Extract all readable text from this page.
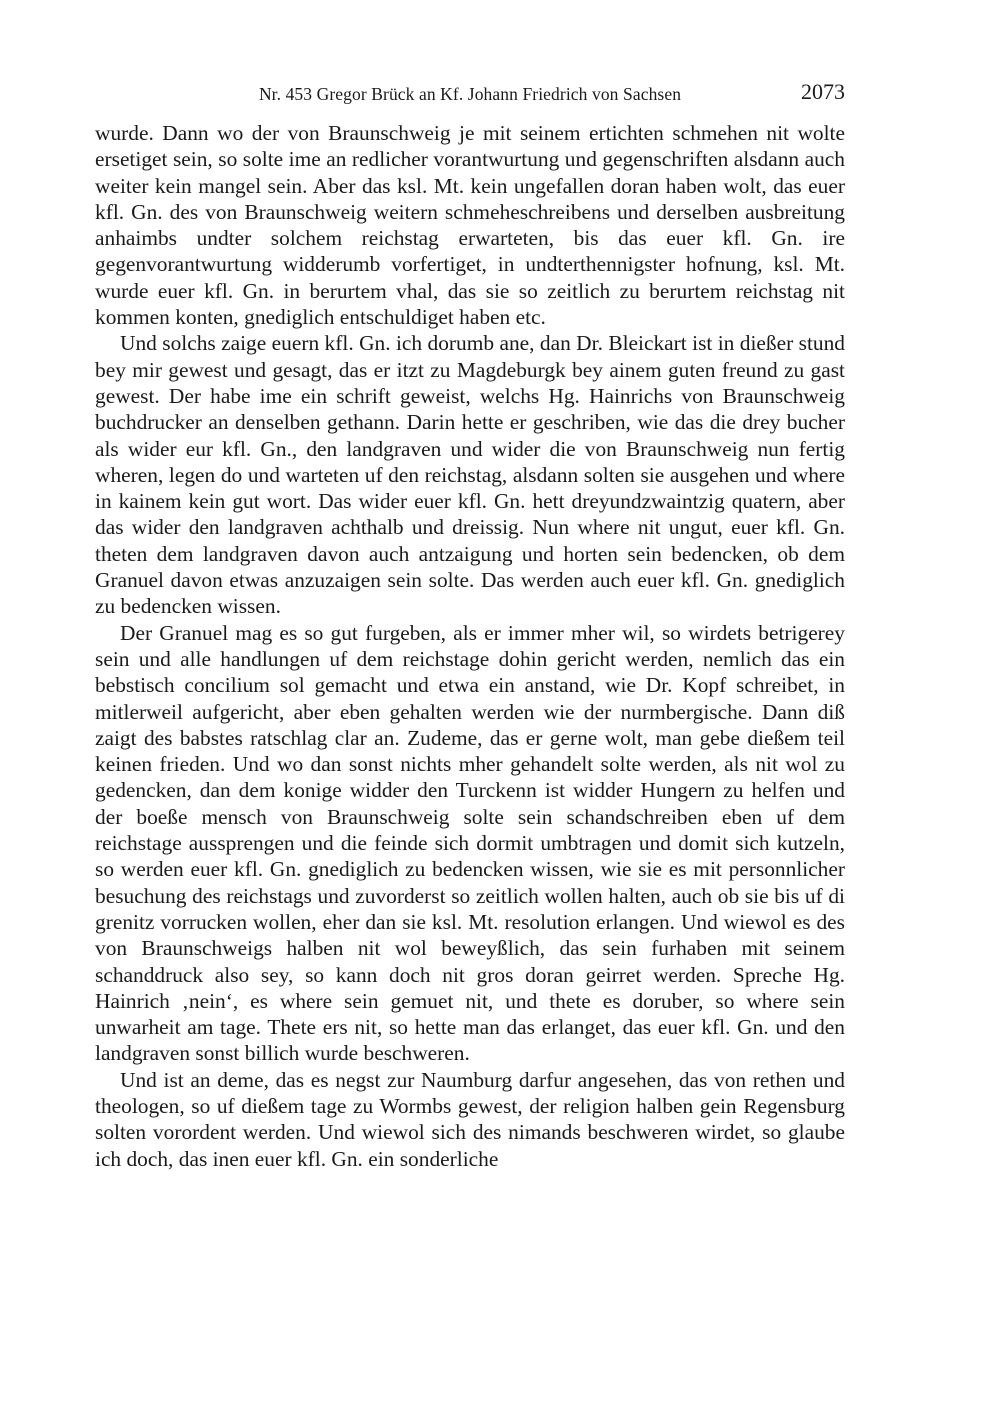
Nr. 453 Gregor Brück an Kf. Johann Friedrich von Sachsen	2073

wurde. Dann wo der von Braunschweig je mit seinem ertichten schmehen nit wolte ersetiget sein, so solte ime an redlicher vorantwurtung und gegenschriften alsdann auch weiter kein mangel sein. Aber das ksl. Mt. kein ungefallen doran haben wolt, das euer kfl. Gn. des von Braunschweig weitern schmeheschreibens und derselben ausbreitung anhaimbs undter solchem reichstag erwarteten, bis das euer kfl. Gn. ire gegenvorantwurtung widderumb vorfertiget, in undterthennigster hofnung, ksl. Mt. wurde euer kfl. Gn. in berurtem vhal, das sie so zeitlich zu berurtem reichstag nit kommen konten, gnediglich entschuldiget haben etc.

Und solchs zaige euern kfl. Gn. ich dorumb ane, dan Dr. Bleickart ist in dießer stund bey mir gewest und gesagt, das er itzt zu Magdeburgk bey ainem guten freund zu gast gewest. Der habe ime ein schrift geweist, welchs Hg. Hainrichs von Braunschweig buchdrucker an denselben gethann. Darin hette er geschriben, wie das die drey bucher als wider eur kfl. Gn., den landgraven und wider die von Braunschweig nun fertig wheren, legen do und warteten uf den reichstag, alsdann solten sie ausgehen und where in kainem kein gut wort. Das wider euer kfl. Gn. hett dreyundzwaintzig quatern, aber das wider den landgraven achthalb und dreissig. Nun where nit ungut, euer kfl. Gn. theten dem landgraven davon auch antzaigung und horten sein bedencken, ob dem Granuel davon etwas anzuzaigen sein solte. Das werden auch euer kfl. Gn. gnediglich zu bedencken wissen.

Der Granuel mag es so gut furgeben, als er immer mher wil, so wirdets betrigerey sein und alle handlungen uf dem reichstage dohin gericht werden, nemlich das ein bebstisch concilium sol gemacht und etwa ein anstand, wie Dr. Kopf schreibet, in mitlerweil aufgericht, aber eben gehalten werden wie der nurmbergische. Dann diß zaigt des babstes ratschlag clar an. Zudeme, das er gerne wolt, man gebe dießem teil keinen frieden. Und wo dan sonst nichts mher gehandelt solte werden, als nit wol zu gedencken, dan dem konige widder den Turckenn ist widder Hungern zu helfen und der boeße mensch von Braunschweig solte sein schandschreiben eben uf dem reichstage aussprengen und die feinde sich dormit umbtragen und domit sich kutzeln, so werden euer kfl. Gn. gnediglich zu bedencken wissen, wie sie es mit personnlicher besuchung des reichstags und zuvorderst so zeitlich wollen halten, auch ob sie bis uf di grenitz vorrucken wollen, eher dan sie ksl. Mt. resolution erlangen. Und wiewol es des von Braunschweigs halben nit wol beweyßlich, das sein furhaben mit seinem schanddruck also sey, so kann doch nit gros doran geirret werden. Spreche Hg. Hainrich ‚nein‘, es where sein gemuet nit, und thete es doruber, so where sein unwarheit am tage. Thete ers nit, so hette man das erlanget, das euer kfl. Gn. und den landgraven sonst billich wurde beschweren.

Und ist an deme, das es negst zur Naumburg darfur angesehen, das von rethen und theologen, so uf dießem tage zu Wormbs gewest, der religion halben gein Regensburg solten vorordent werden. Und wiewol sich des nimands beschweren wirdet, so glaube ich doch, das inen euer kfl. Gn. ein sonderliche
